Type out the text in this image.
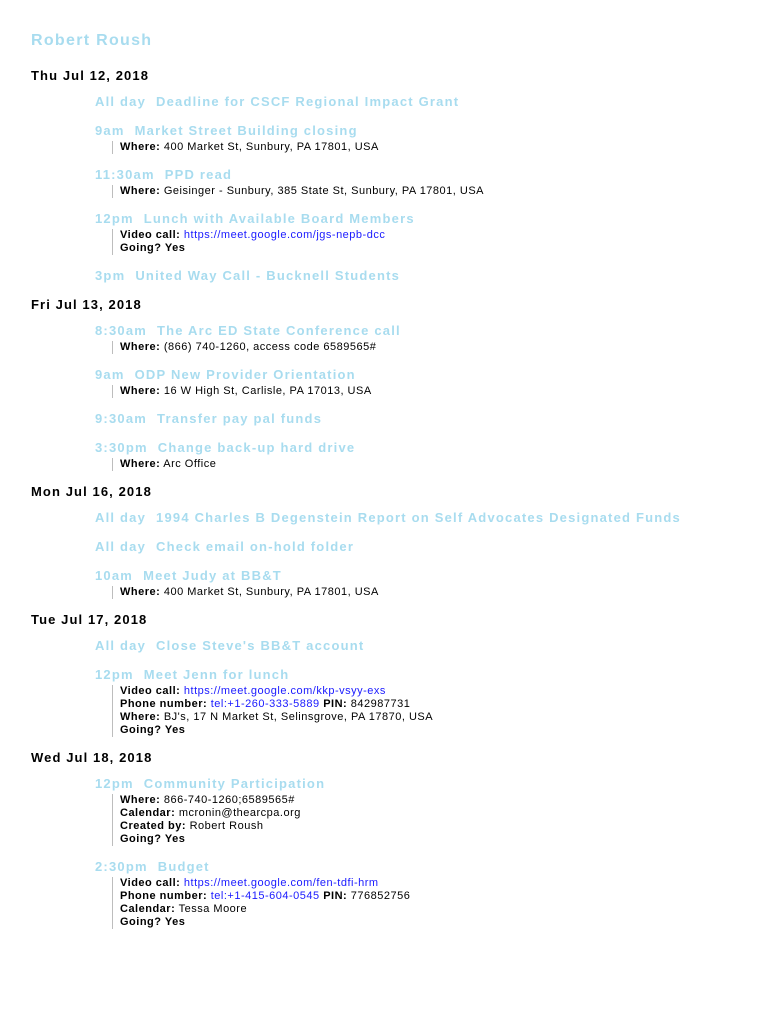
Robert Roush
Thu Jul 12, 2018
All day Deadline for CSCF Regional Impact Grant
9am Market Street Building closing
Where: 400 Market St, Sunbury, PA 17801, USA
11:30am PPD read
Where: Geisinger - Sunbury, 385 State St, Sunbury, PA 17801, USA
12pm Lunch with Available Board Members
Video call: https://meet.google.com/jgs-nepb-dcc
Going? Yes
3pm United Way Call - Bucknell Students
Fri Jul 13, 2018
8:30am The Arc ED State Conference call
Where: (866) 740-1260, access code 6589565#
9am ODP New Provider Orientation
Where: 16 W High St, Carlisle, PA 17013, USA
9:30am Transfer pay pal funds
3:30pm Change back-up hard drive
Where: Arc Office
Mon Jul 16, 2018
All day 1994 Charles B Degenstein Report on Self Advocates Designated Funds
All day Check email on-hold folder
10am Meet Judy at BB&T
Where: 400 Market St, Sunbury, PA 17801, USA
Tue Jul 17, 2018
All day Close Steve's BB&T account
12pm Meet Jenn for lunch
Video call: https://meet.google.com/kkp-vsyy-exs
Phone number: tel:+1-260-333-5889 PIN: 842987731
Where: BJ's, 17 N Market St, Selinsgrove, PA 17870, USA
Going? Yes
Wed Jul 18, 2018
12pm Community Participation
Where: 866-740-1260;6589565#
Calendar: mcronin@thearcpa.org
Created by: Robert Roush
Going? Yes
2:30pm Budget
Video call: https://meet.google.com/fen-tdfi-hrm
Phone number: tel:+1-415-604-0545 PIN: 776852756
Calendar: Tessa Moore
Going? Yes
